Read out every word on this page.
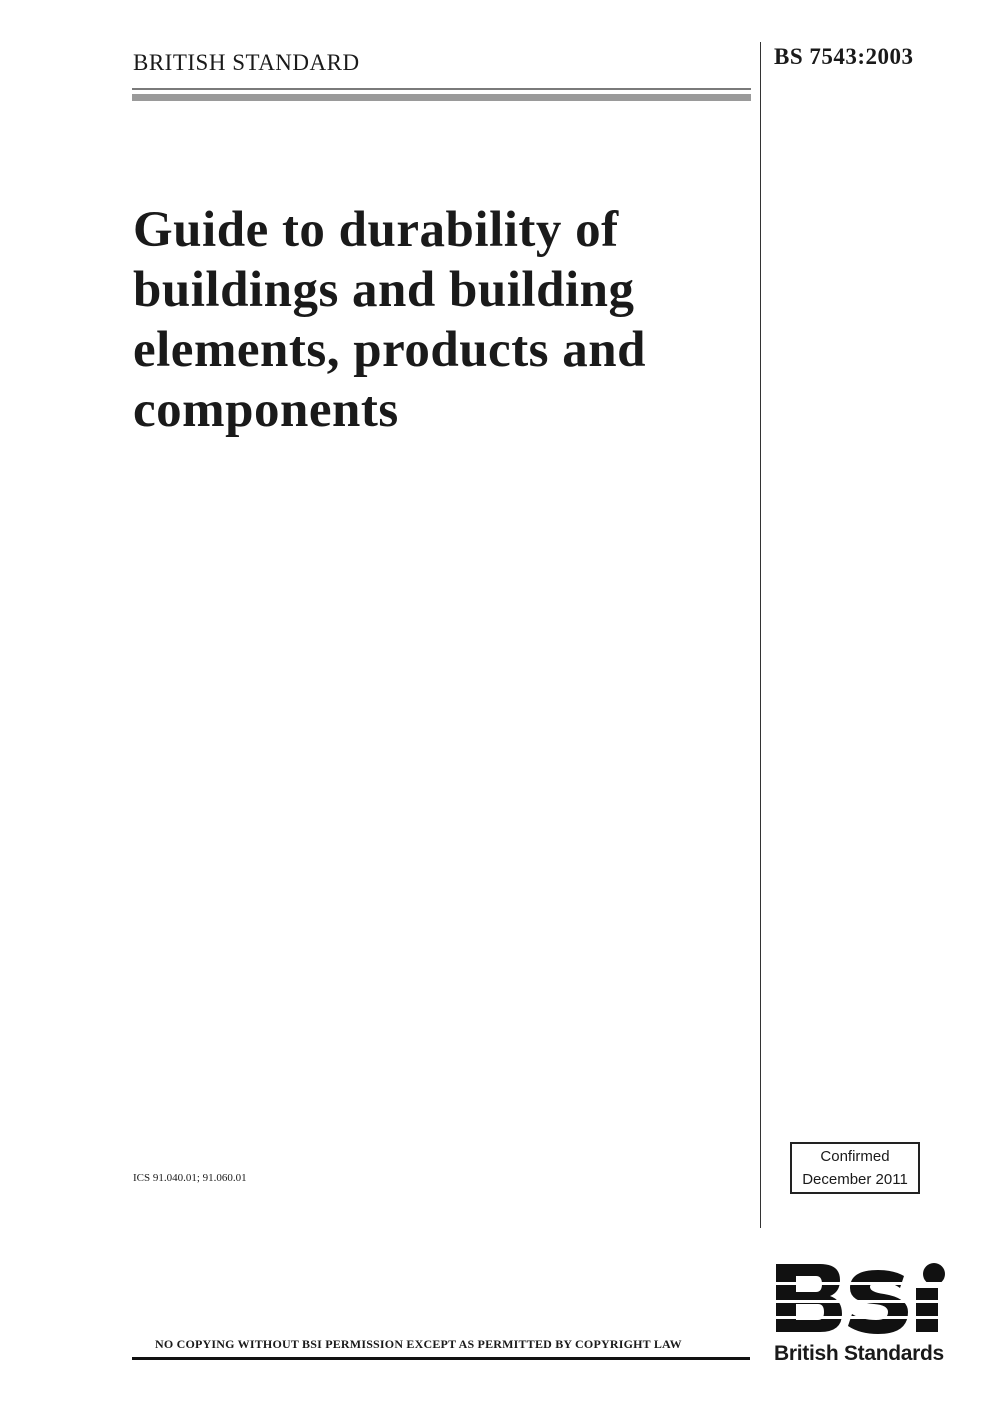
BRITISH STANDARD	BS 7543:2003
Guide to durability of buildings and building elements, products and components
ICS 91.040.01; 91.060.01
Confirmed
December 2011
British Standards
NO COPYING WITHOUT BSI PERMISSION EXCEPT AS PERMITTED BY COPYRIGHT LAW
